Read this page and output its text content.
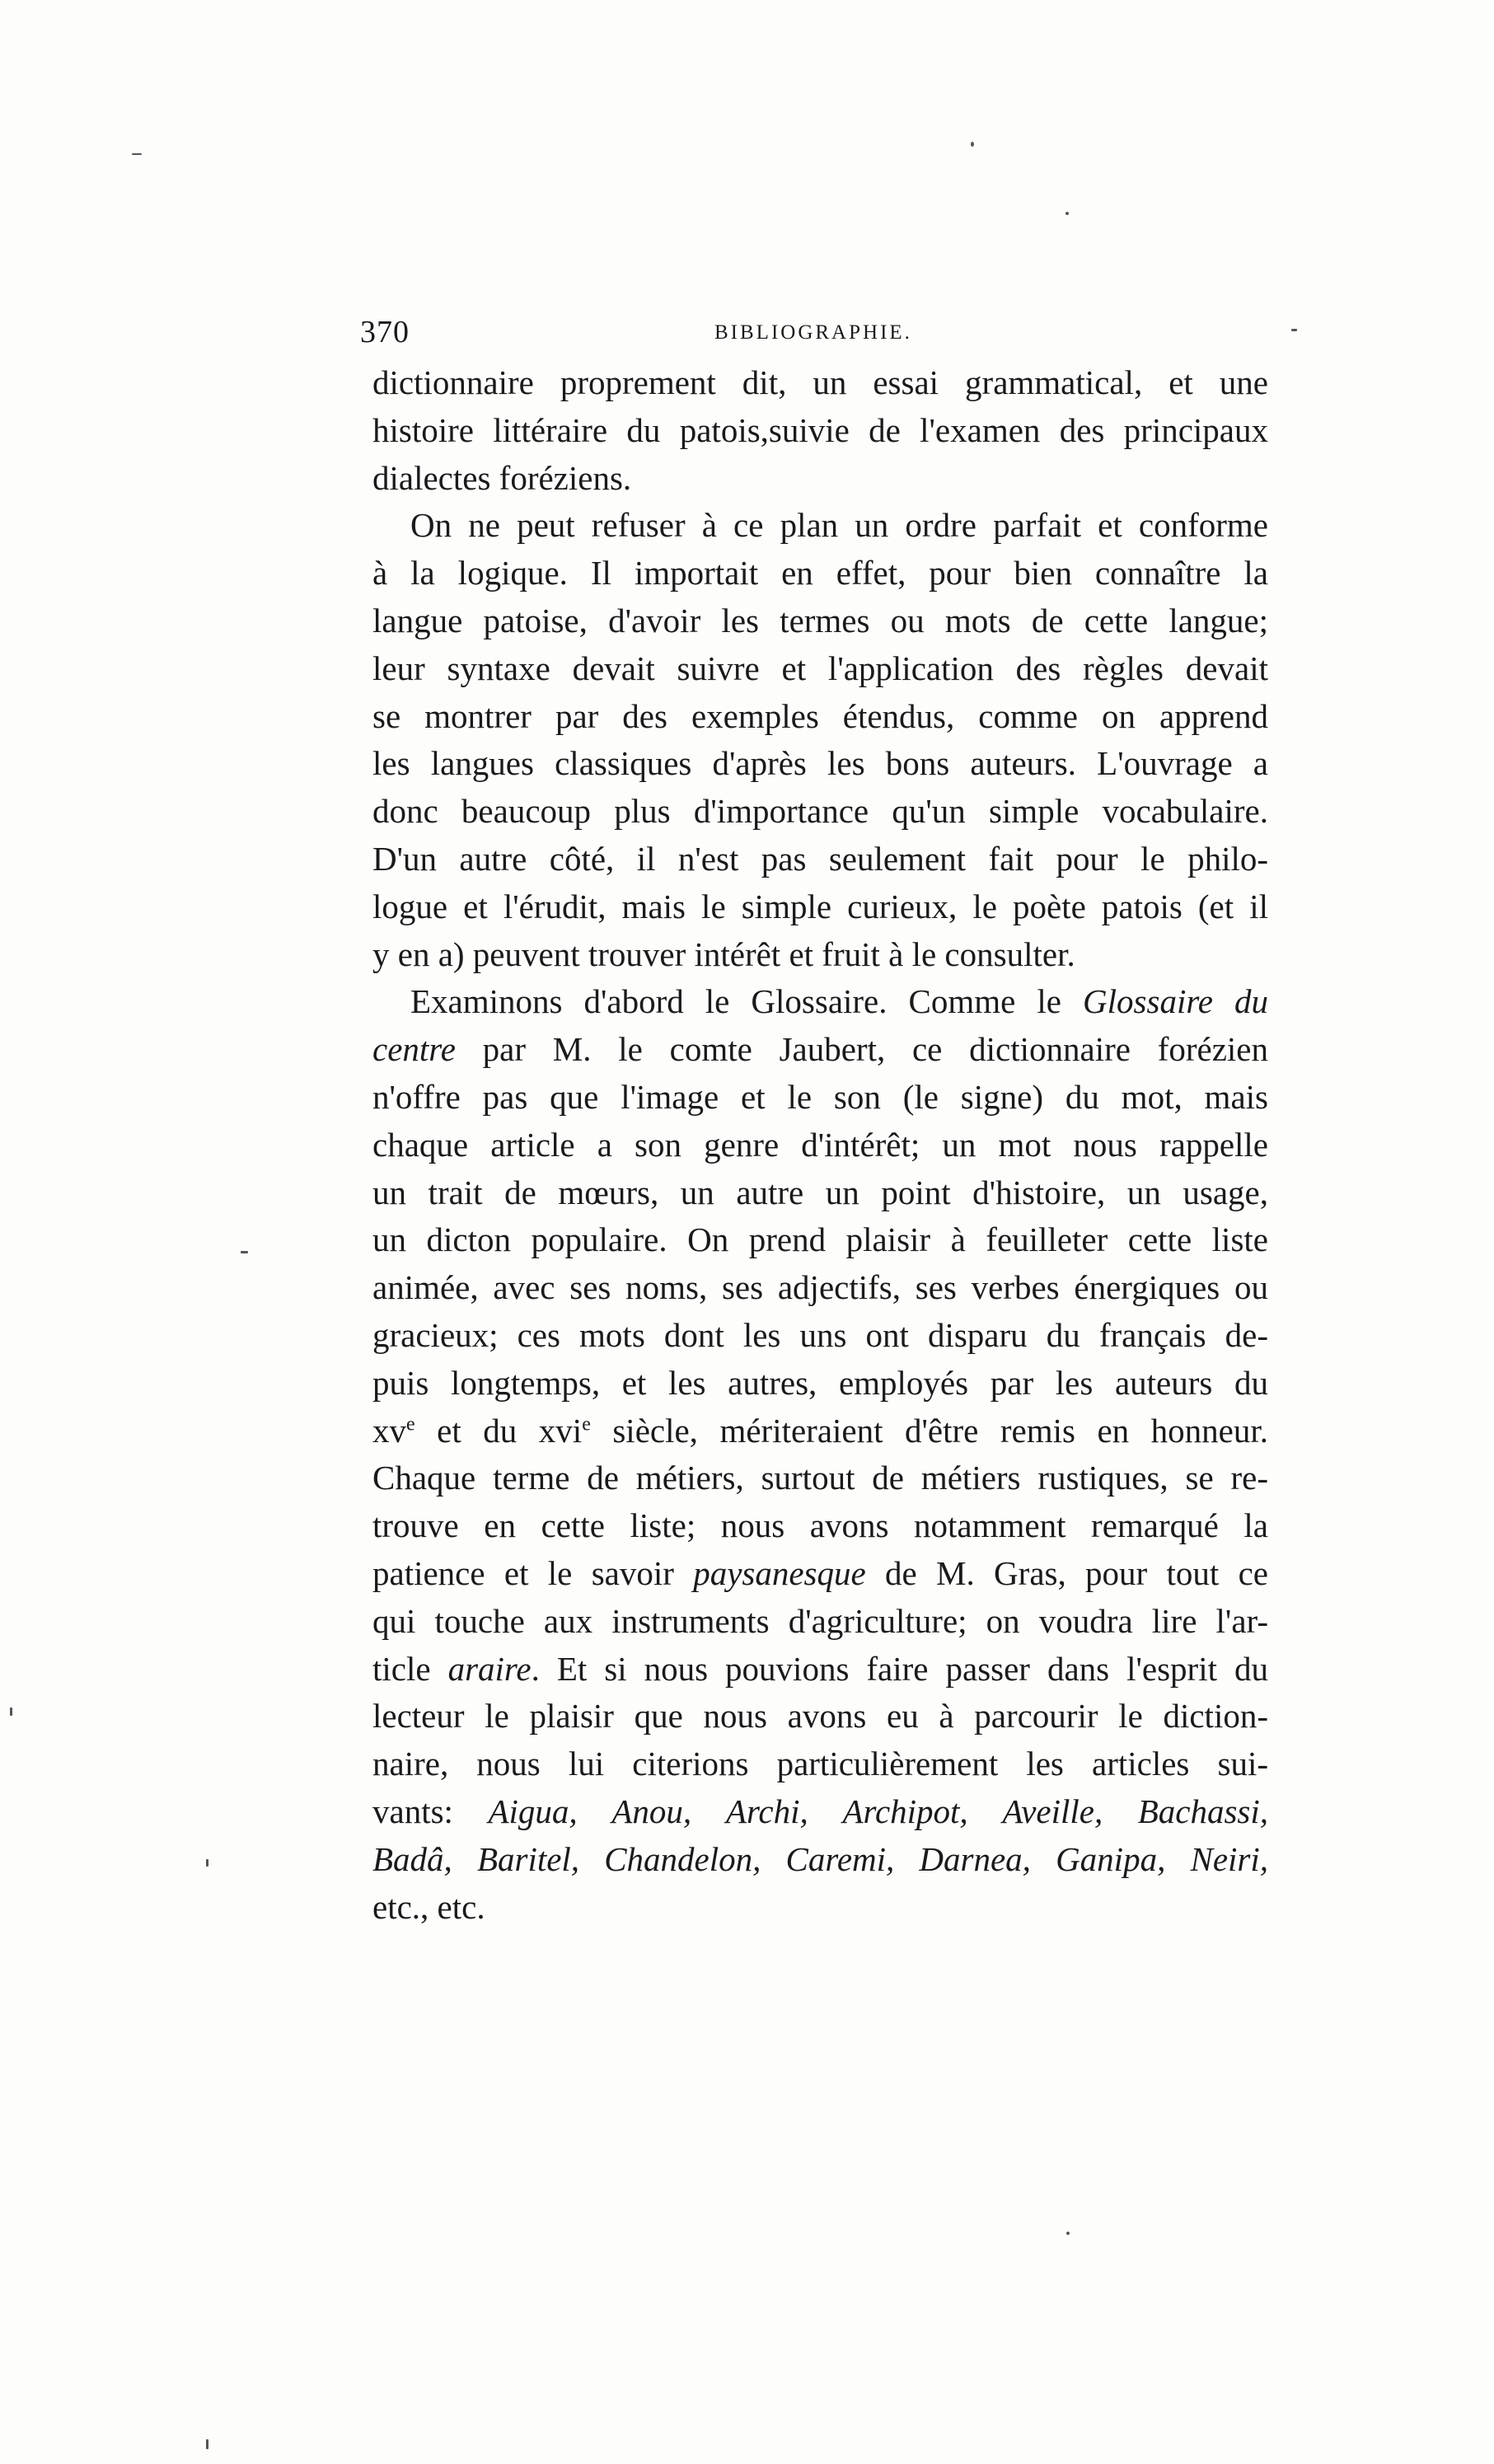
370	BIBLIOGRAPHIE.
dictionnaire proprement dit, un essai grammatical, et une
histoire littéraire du patois,suivie de l'examen des principaux
dialectes foréziens.
On ne peut refuser à ce plan un ordre parfait et conforme
à la logique. Il importait en effet, pour bien connaître la
langue patoise, d'avoir les termes ou mots de cette langue;
leur syntaxe devait suivre et l'application des règles devait
se montrer par des exemples étendus, comme on apprend
les langues classiques d'après les bons auteurs. L'ouvrage a
donc beaucoup plus d'importance qu'un simple vocabulaire.
D'un autre côté, il n'est pas seulement fait pour le philo-
logue et l'érudit, mais le simple curieux, le poète patois (et il
y en a) peuvent trouver intérêt et fruit à le consulter.
Examinons d'abord le Glossaire. Comme le Glossaire du
centre par M. le comte Jaubert, ce dictionnaire forézien
n'offre pas que l'image et le son (le signe) du mot, mais
chaque article a son genre d'intérêt; un mot nous rappelle
un trait de mœurs, un autre un point d'histoire, un usage,
un dicton populaire. On prend plaisir à feuilleter cette liste
animée, avec ses noms, ses adjectifs, ses verbes énergiques ou
gracieux; ces mots dont les uns ont disparu du français de-
puis longtemps, et les autres, employés par les auteurs du
$xv^e$ et du xvi$^e$ siècle, mériteraient d'être remis en honneur.
Chaque terme de métiers, surtout de métiers rustiques, se re-
trouve en cette liste; nous avons notamment remarqué la
patience et le savoir paysanesque de M. Gras, pour tout ce
qui touche aux instruments d'agriculture; on voudra lire l'ar-
ticle araire. Et si nous pouvions faire passer dans l'esprit du
lecteur le plaisir que nous avons eu à parcourir le diction-
naire, nous lui citerions particulièrement les articles sui-
vants: Aigua, Anou, Archi, Archipot, Aveille, Bachassi,
Badâ, Baritel, Chandelon, Caremi, Darnea, Ganipa, Neiri,
etc., etc.
